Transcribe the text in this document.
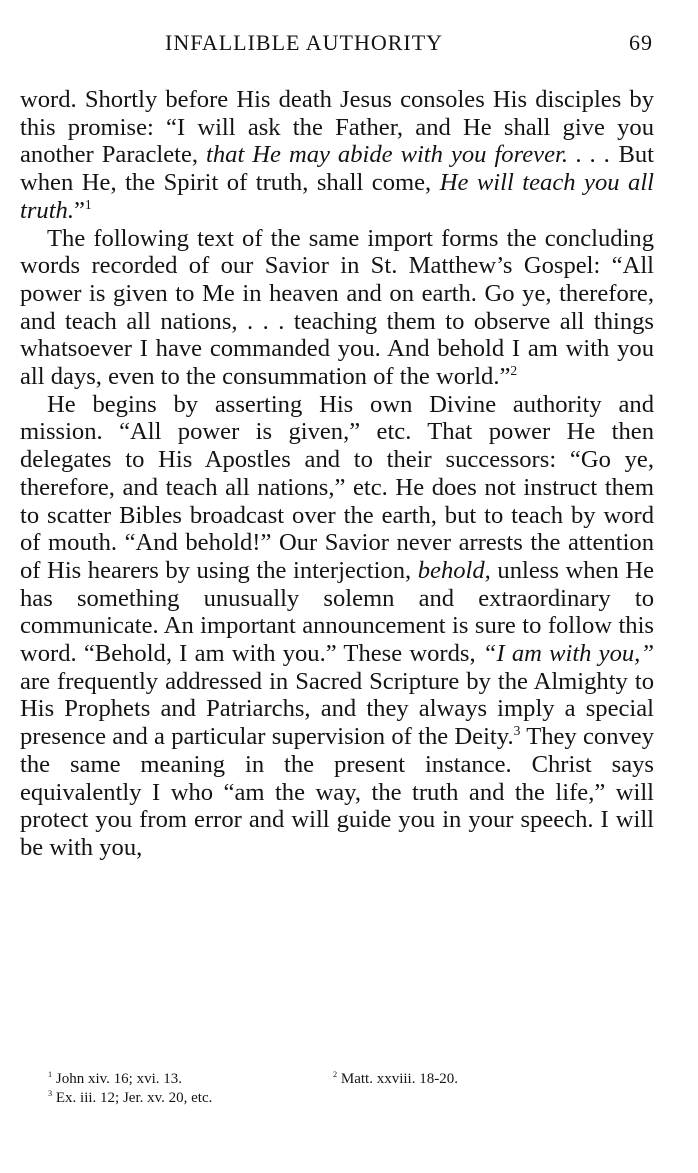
INFALLIBLE AUTHORITY	69

word. Shortly before His death Jesus consoles His disciples by this promise: “I will ask the Father, and He shall give you another Paraclete, that He may abide with you forever. . . . But when He, the Spirit of truth, shall come, He will teach you all truth.”$^1$

The following text of the same import forms the concluding words recorded of our Savior in St. Matthew’s Gospel: “All power is given to Me in heaven and on earth. Go ye, therefore, and teach all nations, . . . teaching them to observe all things whatsoever I have commanded you. And behold I am with you all days, even to the consummation of the world.”$^2$

He begins by asserting His own Divine authority and mission. “All power is given,” etc. That power He then delegates to His Apostles and to their successors: “Go ye, therefore, and teach all nations,” etc. He does not instruct them to scatter Bibles broadcast over the earth, but to teach by word of mouth. “And behold!” Our Savior never arrests the attention of His hearers by using the interjection, behold, unless when He has something unusually solemn and extraordinary to communicate. An important announcement is sure to follow this word. “Behold, I am with you.” These words, “I am with you,” are frequently addressed in Sacred Scripture by the Almighty to His Prophets and Patriarchs, and they always imply a special presence and a particular supervision of the Deity.$^3$ They convey the same meaning in the present instance. Christ says equivalently I who “am the way, the truth and the life,” will protect you from error and will guide you in your speech. I will be with you,

$^1$ John xiv. 16; xvi. 13.	$^2$ Matt. xxviii. 18-20.
$^3$ Ex. iii. 12; Jer. xv. 20, etc.
